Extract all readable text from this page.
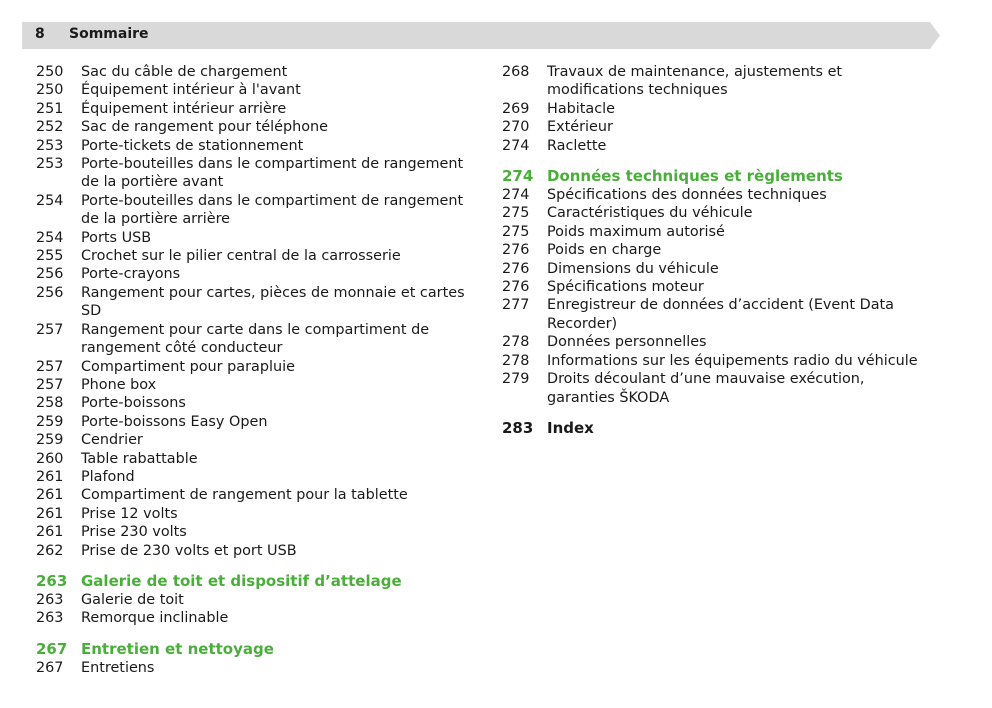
8 Sommaire
250	Sac du câble de chargement
250	Équipement intérieur à l'avant
251	Équipement intérieur arrière
252	Sac de rangement pour téléphone
253	Porte-tickets de stationnement
253	Porte-bouteilles dans le compartiment de rangement de la portière avant
254	Porte-bouteilles dans le compartiment de rangement de la portière arrière
254	Ports USB
255	Crochet sur le pilier central de la carrosserie
256	Porte-crayons
256	Rangement pour cartes, pièces de monnaie et cartes SD
257	Rangement pour carte dans le compartiment de rangement côté conducteur
257	Compartiment pour parapluie
257	Phone box
258	Porte-boissons
259	Porte-boissons Easy Open
259	Cendrier
260	Table rabattable
261	Plafond
261	Compartiment de rangement pour la tablette
261	Prise 12 volts
261	Prise 230 volts
262	Prise de 230 volts et port USB
263 Galerie de toit et dispositif d’attelage
263	Galerie de toit
263	Remorque inclinable
267 Entretien et nettoyage
267	Entretiens
268	Travaux de maintenance, ajustements et modifications techniques
269	Habitacle
270	Extérieur
274	Raclette
274 Données techniques et règlements
274	Spécifications des données techniques
275	Caractéristiques du véhicule
275	Poids maximum autorisé
276	Poids en charge
276	Dimensions du véhicule
276	Spécifications moteur
277	Enregistreur de données d’accident (Event Data Recorder)
278	Données personnelles
278	Informations sur les équipements radio du véhicule
279	Droits découlant d’une mauvaise exécution, garanties ŠKODA
283 Index
